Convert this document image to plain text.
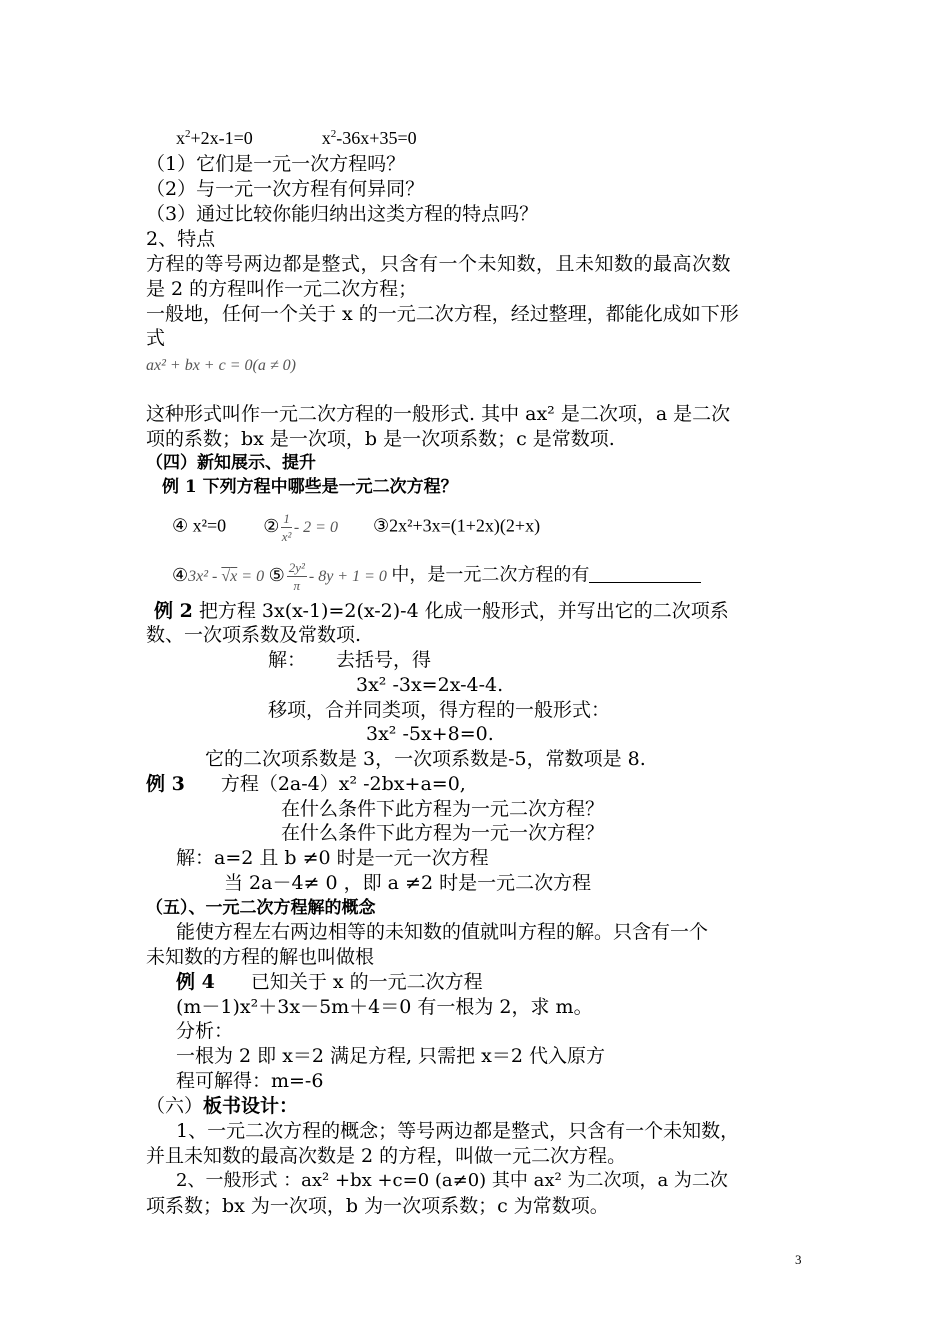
$x^2+2x-1=0$	$x^2-36x+35=0$
（1）它们是一元一次方程吗？
（2）与一元一次方程有何异同？
（3）通过比较你能归纳出这类方程的特点吗？
2、特点
方程的等号两边都是整式，只含有一个未知数，且未知数的最高次数
是 2 的方程叫作一元二次方程；
一般地，任何一个关于 x 的一元二次方程，经过整理，都能化成如下形
式
ax² + bx + c = 0(a ≠ 0)
这种形式叫作一元二次方程的一般形式. 其中 ax² 是二次项，a 是二次
项的系数；bx 是一次项，b 是一次项系数；c 是常数项.
（四）新知展示、提升
例 1 下列方程中哪些是一元二次方程？
④ x²=0 ② $\frac{1}{\text{x²}} - 2 = 0$ ③2x²+3x=(1+2x)(2+x)
④3x² - √x = 0 ⑤ $\frac{\text{2y²}}{\pi} - 8y + 1 = 0$ 中，是一元二次方程的有
例 2 把方程 3x(x-1)=2(x-2)-4 化成一般形式，并写出它的二次项系
数、一次项系数及常数项.
解： 去括号，得
3x² -3x=2x-4-4.
移项，合并同类项，得方程的一般形式：
3x² -5x+8=0.
它的二次项系数是 3，一次项系数是-5，常数项是 8.
例 3 方程（2a-4）x² -2bx+a=0,
在什么条件下此方程为一元二次方程？
在什么条件下此方程为一元一次方程？
解：a=2 且 b ≠0 时是一元一次方程
当 2a－4≠ 0 ，即 a ≠2 时是一元二次方程
（五）、一元二次方程解的概念
能使方程左右两边相等的未知数的值就叫方程的解。只含有一个
未知数的方程的解也叫做根
例 4 已知关于 x 的一元二次方程
(m－1)x²＋3x－5m＋4＝0 有一根为 2，求 m。
分析：
一根为 2 即 x＝2 满足方程, 只需把 x＝2 代入原方
程可解得：m=-6
（六）板书设计：
1、一元二次方程的概念；等号两边都是整式，只含有一个未知数，
并且未知数的最高次数是 2 的方程，叫做一元二次方程。
2、一般形式 ：ax² +bx +c=0 (a≠0) 其中 ax² 为二次项，a 为二次
项系数；bx 为一次项，b 为一次项系数；c 为常数项。
3
